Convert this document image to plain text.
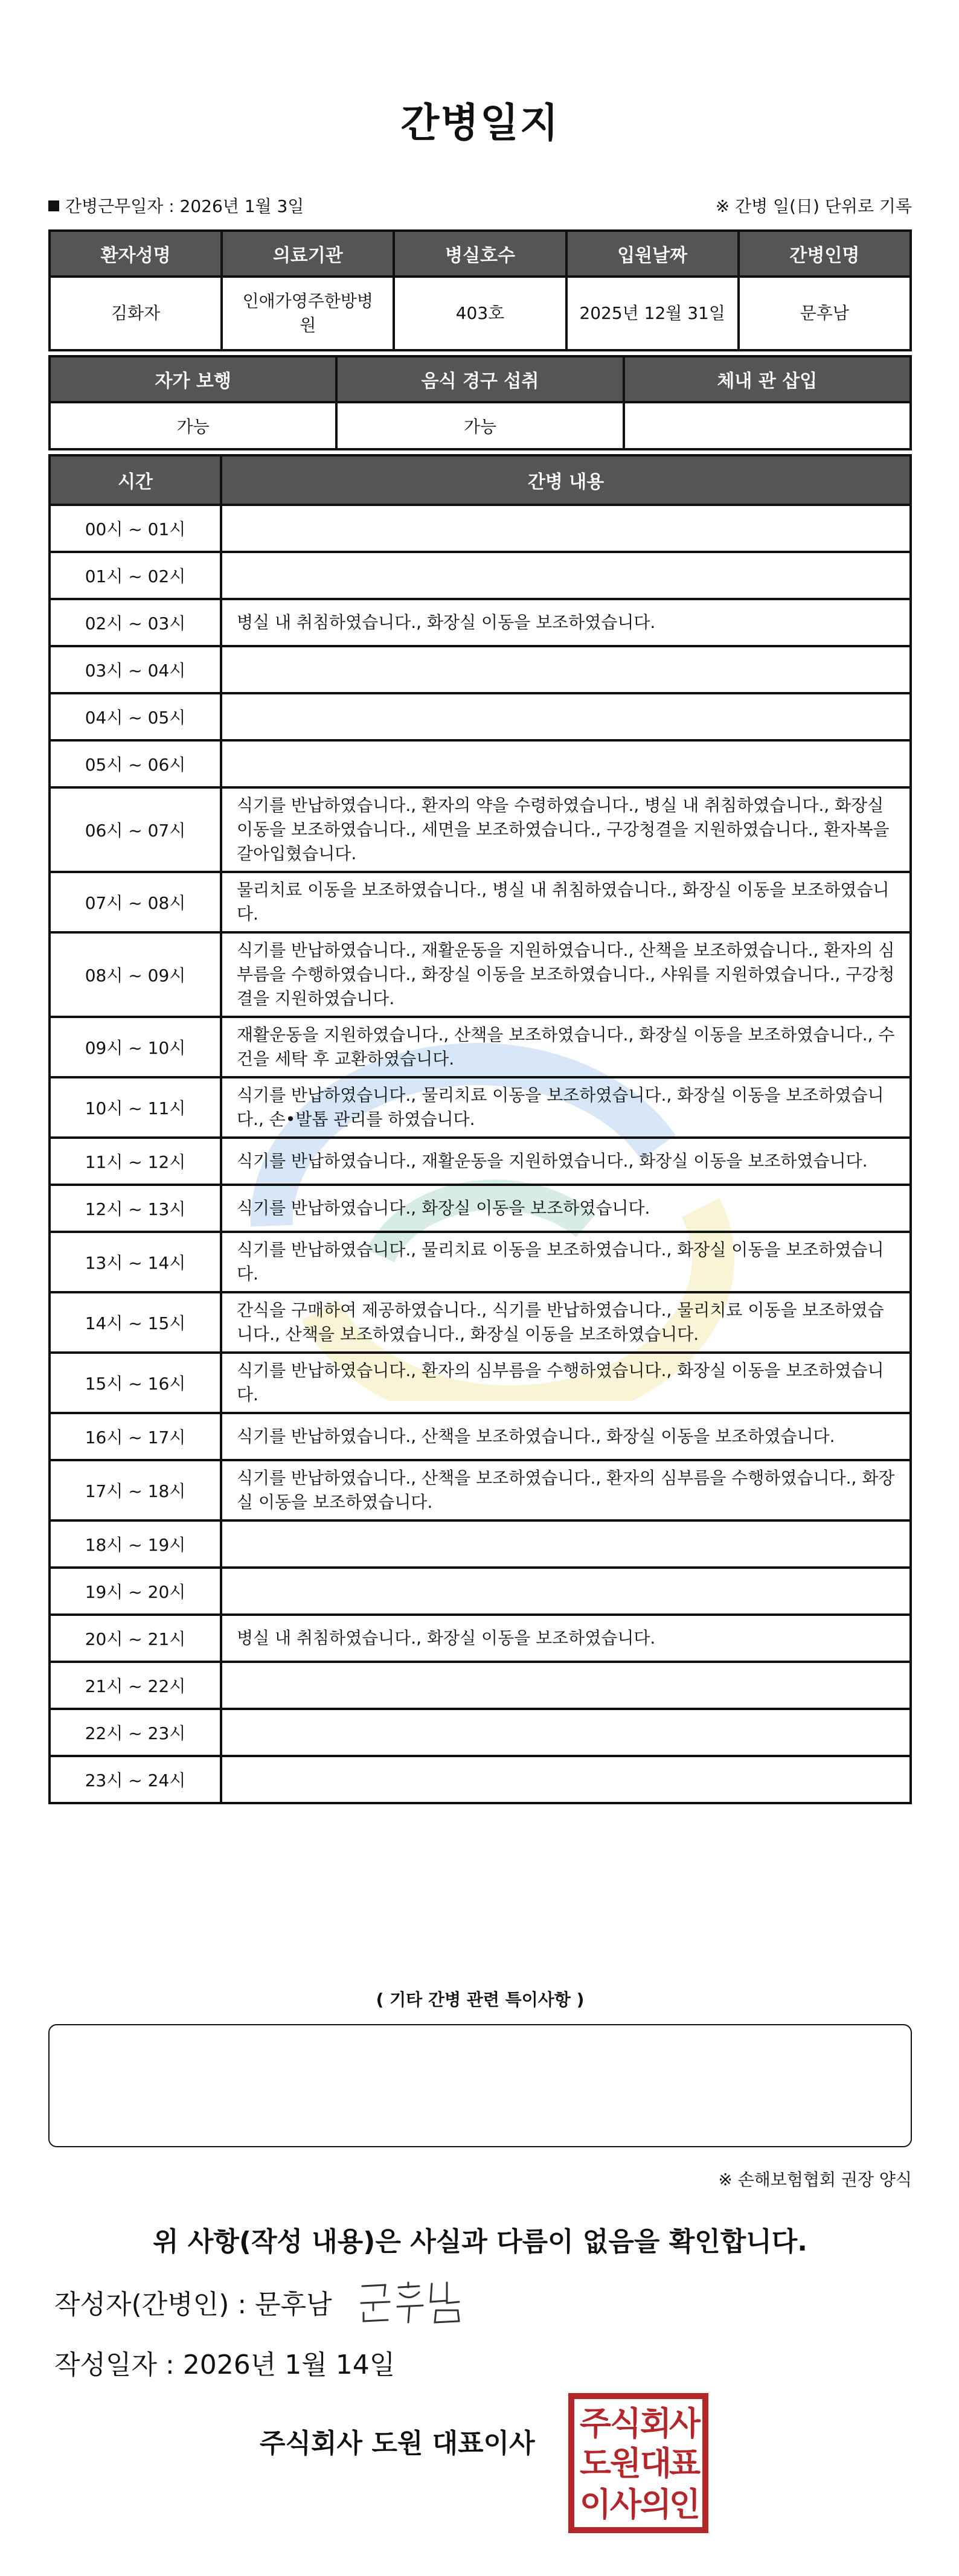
간병일지
간병근무일자 : 2026년 1월 3일	※ 간병 일(日) 단위로 기록
환자성명	의료기관	병실호수	입원날짜	간병인명
김화자	인애가영주한방병원	403호	2025년 12월 31일	문후남
자가 보행	음식 경구 섭취	체내 관 삽입
가능	가능	
시간	간병 내용
00시 ~ 01시	
01시 ~ 02시	
02시 ~ 03시	병실 내 취침하였습니다., 화장실 이동을 보조하였습니다.
03시 ~ 04시	
04시 ~ 05시	
05시 ~ 06시	
06시 ~ 07시	식기를 반납하였습니다., 환자의 약을 수령하였습니다., 병실 내 취침하였습니다., 화장실 이동을 보조하였습니다., 세면을 보조하였습니다., 구강청결을 지원하였습니다., 환자복을 갈아입혔습니다.
07시 ~ 08시	물리치료 이동을 보조하였습니다., 병실 내 취침하였습니다., 화장실 이동을 보조하였습니다.
08시 ~ 09시	식기를 반납하였습니다., 재활운동을 지원하였습니다., 산책을 보조하였습니다., 환자의 심부름을 수행하였습니다., 화장실 이동을 보조하였습니다., 샤워를 지원하였습니다., 구강청결을 지원하였습니다.
09시 ~ 10시	재활운동을 지원하였습니다., 산책을 보조하였습니다., 화장실 이동을 보조하였습니다., 수건을 세탁 후 교환하였습니다.
10시 ~ 11시	식기를 반납하였습니다., 물리치료 이동을 보조하였습니다., 화장실 이동을 보조하였습니다., 손•발톱 관리를 하였습니다.
11시 ~ 12시	식기를 반납하였습니다., 재활운동을 지원하였습니다., 화장실 이동을 보조하였습니다.
12시 ~ 13시	식기를 반납하였습니다., 화장실 이동을 보조하였습니다.
13시 ~ 14시	식기를 반납하였습니다., 물리치료 이동을 보조하였습니다., 화장실 이동을 보조하였습니다.
14시 ~ 15시	간식을 구매하여 제공하였습니다., 식기를 반납하였습니다., 물리치료 이동을 보조하였습니다., 산책을 보조하였습니다., 화장실 이동을 보조하였습니다.
15시 ~ 16시	식기를 반납하였습니다., 환자의 심부름을 수행하였습니다., 화장실 이동을 보조하였습니다.
16시 ~ 17시	식기를 반납하였습니다., 산책을 보조하였습니다., 화장실 이동을 보조하였습니다.
17시 ~ 18시	식기를 반납하였습니다., 산책을 보조하였습니다., 환자의 심부름을 수행하였습니다., 화장실 이동을 보조하였습니다.
18시 ~ 19시	
19시 ~ 20시	
20시 ~ 21시	병실 내 취침하였습니다., 화장실 이동을 보조하였습니다.
21시 ~ 22시	
22시 ~ 23시	
23시 ~ 24시	
( 기타 간병 관련 특이사항 )
※ 손해보험협회 권장 양식
위 사항(작성 내용)은 사실과 다름이 없음을 확인합니다.
작성자(간병인) : 문후남
작성일자 : 2026년 1월 14일
주식회사 도원 대표이사
주
식
회
사
도
원
대
표
이
사
의
인
